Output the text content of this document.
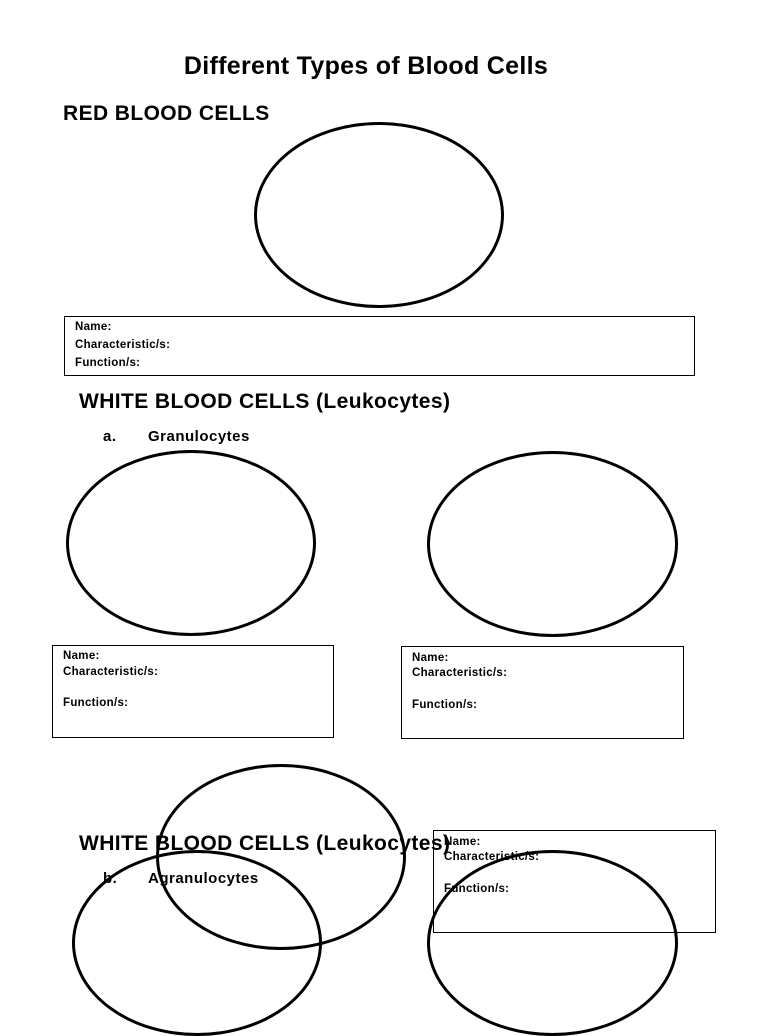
Different Types of Blood Cells
RED BLOOD CELLS
Name:
Characteristic/s:
Function/s:
WHITE BLOOD CELLS (Leukocytes)
a. Granulocytes
Name:
Characteristic/s:
Function/s:
Name:
Characteristic/s:
Function/s:
WHITE BLOOD CELLS (Leukocytes)
b. Agranulocytes
Name:
Characteristic/s:
Function/s:
